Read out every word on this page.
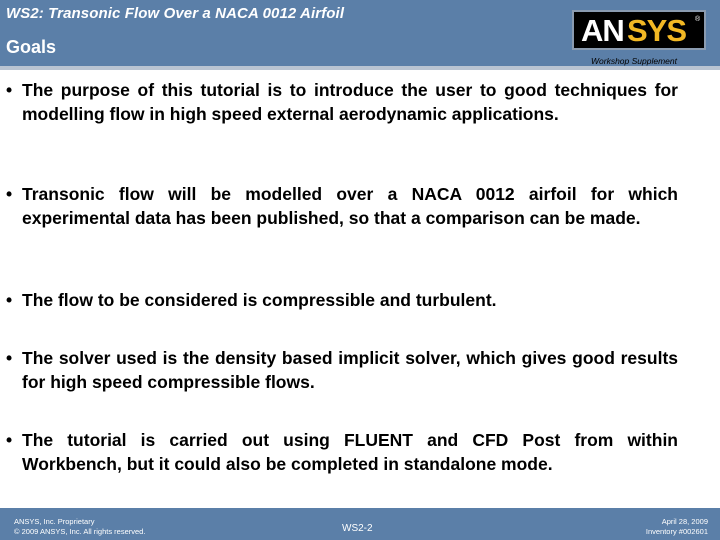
WS2: Transonic Flow Over a NACA 0012 Airfoil
Goals	AN SYS ®
Workshop Supplement
• The purpose of this tutorial is to introduce the user to good techniques for modelling flow in high speed external aerodynamic applications.
• Transonic flow will be modelled over a NACA 0012 airfoil for which experimental data has been published, so that a comparison can be made.
• The flow to be considered is compressible and turbulent.
• The solver used is the density based implicit solver, which gives good results for high speed compressible flows.
• The tutorial is carried out using FLUENT and CFD Post from within Workbench, but it could also be completed in standalone mode.
ANSYS, Inc. Proprietary
© 2009 ANSYS, Inc. All rights reserved.	WS2-2
April 28, 2009
Inventory #002601
